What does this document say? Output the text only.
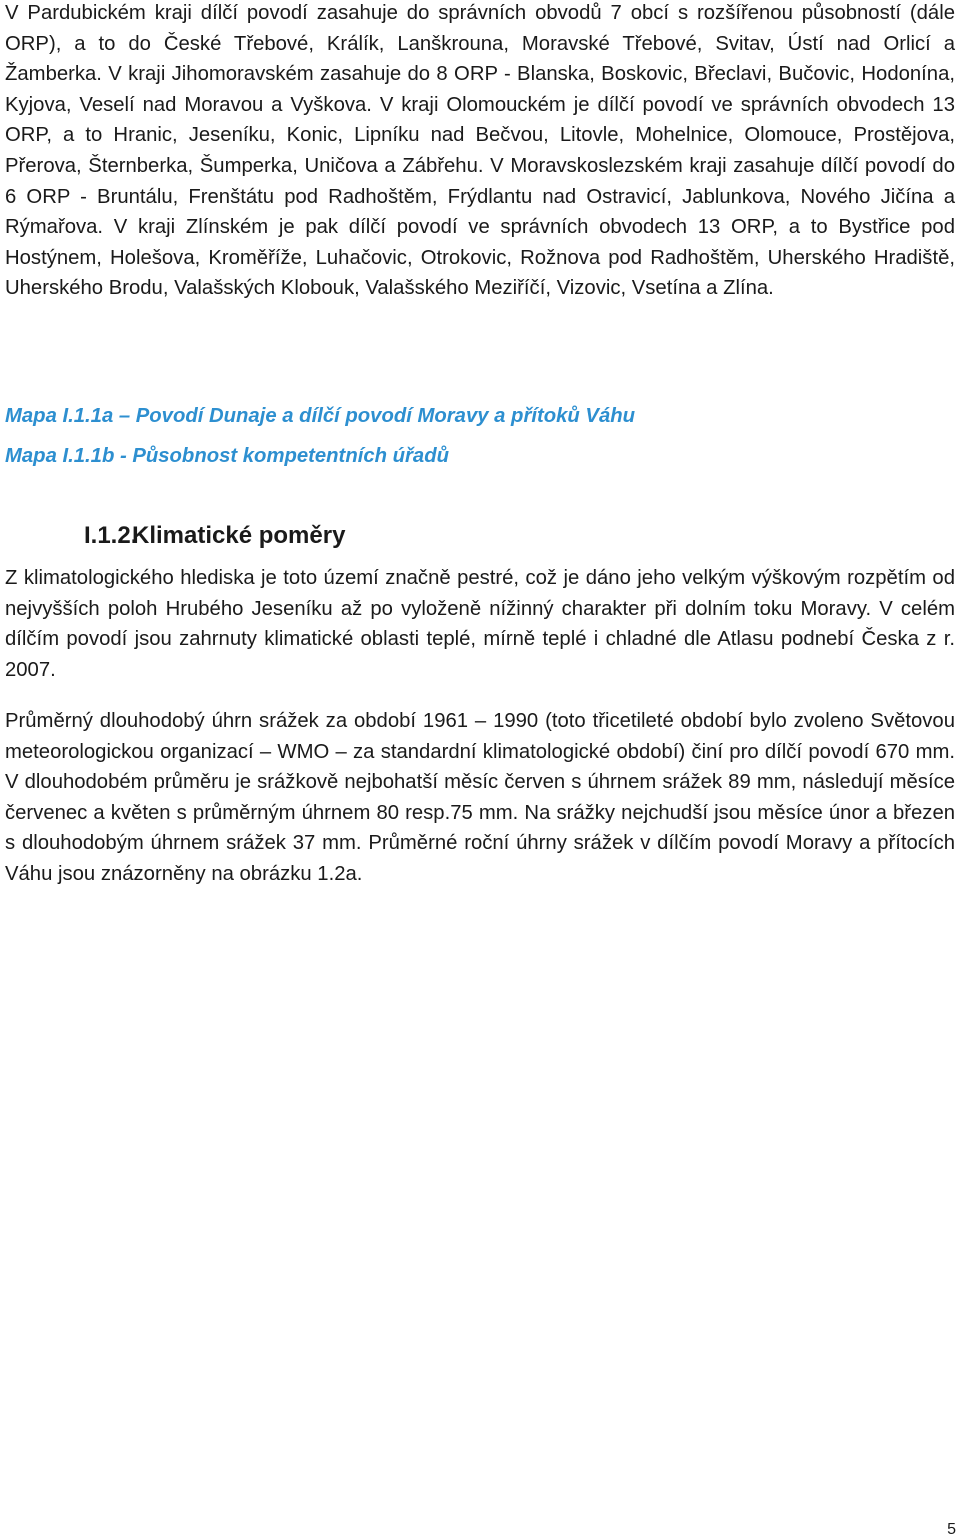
V Pardubickém kraji dílčí povodí zasahuje do správních obvodů 7 obcí s rozšířenou působností (dále ORP), a to do České Třebové, Králík, Lanškrouna, Moravské Třebové, Svitav, Ústí nad Orlicí a Žamberka. V kraji Jihomoravském zasahuje do 8 ORP - Blanska, Boskovic, Břeclavi, Bučovic, Hodonína, Kyjova, Veselí nad Moravou a Vyškova. V kraji Olomouckém je dílčí povodí ve správních obvodech 13 ORP, a to Hranic, Jeseníku, Konic, Lipníku nad Bečvou, Litovle, Mohelnice, Olomouce, Prostějova, Přerova, Šternberka, Šumperka, Uničova a Zábřehu. V Moravskoslezském kraji zasahuje dílčí povodí do 6 ORP - Bruntálu, Frenštátu pod Radhoštěm, Frýdlantu nad Ostravicí, Jablunkova, Nového Jičína a Rýmařova. V kraji Zlínském je pak dílčí povodí ve správních obvodech 13 ORP, a to Bystřice pod Hostýnem, Holešova, Kroměříže, Luhačovic, Otrokovic, Rožnova pod Radhoštěm, Uherského Hradiště, Uherského Brodu, Valašských Klobouk, Valašského Meziříčí, Vizovic, Vsetína a Zlína.

Mapa I.1.1a – Povodí Dunaje a dílčí povodí Moravy a přítoků Váhu

Mapa I.1.1b - Působnost kompetentních úřadů

I.1.2.Klimatické poměry

Z klimatologického hlediska je toto území značně pestré, což je dáno jeho velkým výškovým rozpětím od nejvyšších poloh Hrubého Jeseníku až po vyloženě nížinný charakter při dolním toku Moravy. V celém dílčím povodí jsou zahrnuty klimatické oblasti teplé, mírně teplé i chladné dle Atlasu podnebí Česka z r. 2007.

Průměrný dlouhodobý úhrn srážek za období 1961 – 1990 (toto třicetileté období bylo zvoleno Světovou meteorologickou organizací – WMO – za standardní klimatologické období) činí pro dílčí povodí 670 mm. V dlouhodobém průměru je srážkově nejbohatší měsíc červen s úhrnem srážek 89 mm, následují měsíce červenec a květen s průměrným úhrnem 80 resp.75 mm. Na srážky nejchudší jsou měsíce únor a březen s dlouhodobým úhrnem srážek 37 mm. Průměrné roční úhrny srážek v dílčím povodí Moravy a přítocích Váhu jsou znázorněny na obrázku 1.2a.

5
